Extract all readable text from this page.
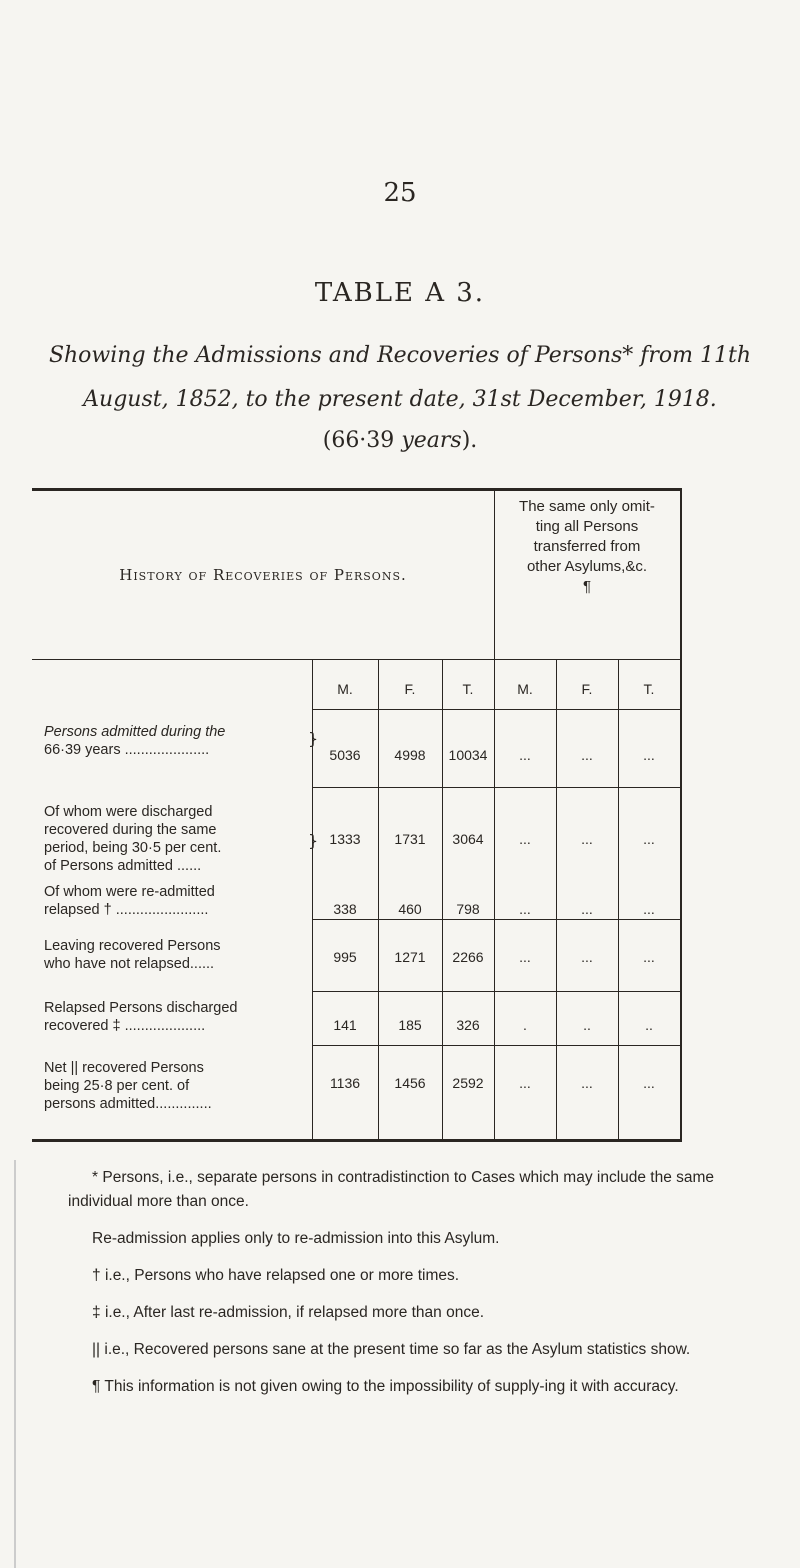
25
TABLE A 3.
Showing the Admissions and Recoveries of Persons* from 11th
August, 1852, to the present date, 31st December, 1918.
(66·39 years).
History of Recoveries of Persons.
The same only omit-
ting all Persons
transferred from
other Asylums,&c.
¶
M.	F.	T.	M.	F.	T.
Persons admitted during the
66·39 years .....................
}
5036	4998	10034	...	...	...
Of whom were discharged
recovered during the same
period, being 30·5 per cent.
of Persons admitted ......
} 1333	1731	3064	...	...	...
Of whom were re-admitted
relapsed † .......................	338	460	798	...	...	...
Leaving recovered Persons
who have not relapsed......	995	1271	2266	...	...	...
Relapsed Persons discharged
recovered ‡ ....................	141	185	326	.	..	..
Net || recovered Persons
being 25·8 per cent. of
persons admitted..............
1136	1456	2592	...	...	...

* Persons, i.e., separate persons in contradistinction to Cases which may include the same individual more than once.

Re-admission applies only to re-admission into this Asylum.

† i.e., Persons who have relapsed one or more times.

‡ i.e., After last re-admission, if relapsed more than once.

|| i.e., Recovered persons sane at the present time so far as the Asylum statistics show.

¶ This information is not given owing to the impossibility of supply-ing it with accuracy.
